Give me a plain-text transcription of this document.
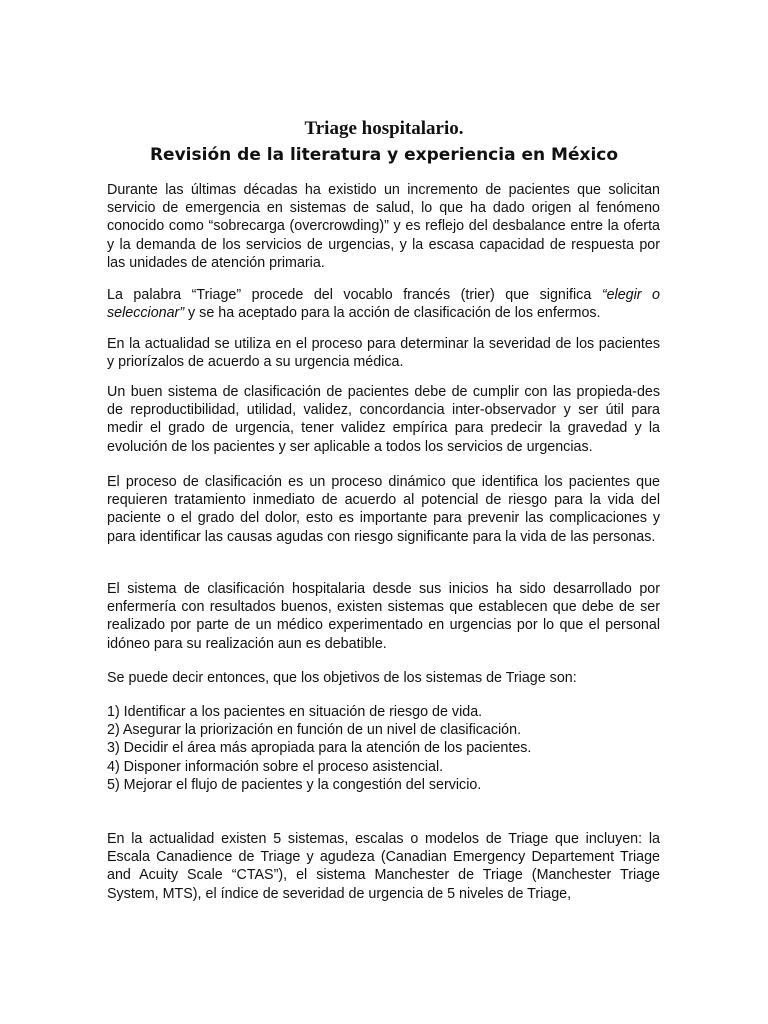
Triage hospitalario.
Revisión de la literatura y experiencia en México

Durante las últimas décadas ha existido un incremento de pacientes que solicitan servicio de emergencia en sistemas de salud, lo que ha dado origen al fenómeno conocido como “sobrecarga (overcrowding)” y es reflejo del desbalance entre la oferta y la demanda de los servicios de urgencias, y la escasa capacidad de respuesta por las unidades de atención primaria.

La palabra “Triage” procede del vocablo francés (trier) que significa “elegir o seleccionar” y se ha aceptado para la acción de clasificación de los enfermos.

En la actualidad se utiliza en el proceso para determinar la severidad de los pacientes y priorízalos de acuerdo a su urgencia médica.

Un buen sistema de clasificación de pacientes debe de cumplir con las propieda-des de reproductibilidad, utilidad, validez, concordancia inter-observador y ser útil para medir el grado de urgencia, tener validez empírica para predecir la gravedad y la evolución de los pacientes y ser aplicable a todos los servicios de urgencias.

El proceso de clasificación es un proceso dinámico que identifica los pacientes que requieren tratamiento inmediato de acuerdo al potencial de riesgo para la vida del paciente o el grado del dolor, esto es importante para prevenir las complicaciones y para identificar las causas agudas con riesgo significante para la vida de las personas.

El sistema de clasificación hospitalaria desde sus inicios ha sido desarrollado por enfermería con resultados buenos, existen sistemas que establecen que debe de ser realizado por parte de un médico experimentado en urgencias por lo que el personal idóneo para su realización aun es debatible.

Se puede decir entonces, que los objetivos de los sistemas de Triage son:

1) Identificar a los pacientes en situación de riesgo de vida.
2) Asegurar la priorización en función de un nivel de clasificación.
3) Decidir el área más apropiada para la atención de los pacientes.
4) Disponer información sobre el proceso asistencial.
5) Mejorar el flujo de pacientes y la congestión del servicio.

En la actualidad existen 5 sistemas, escalas o modelos de Triage que incluyen: la Escala Canadience de Triage y agudeza (Canadian Emergency Departement Triage and Acuity Scale “CTAS”), el sistema Manchester de Triage (Manchester Triage System, MTS), el índice de severidad de urgencia de 5 niveles de Triage,
